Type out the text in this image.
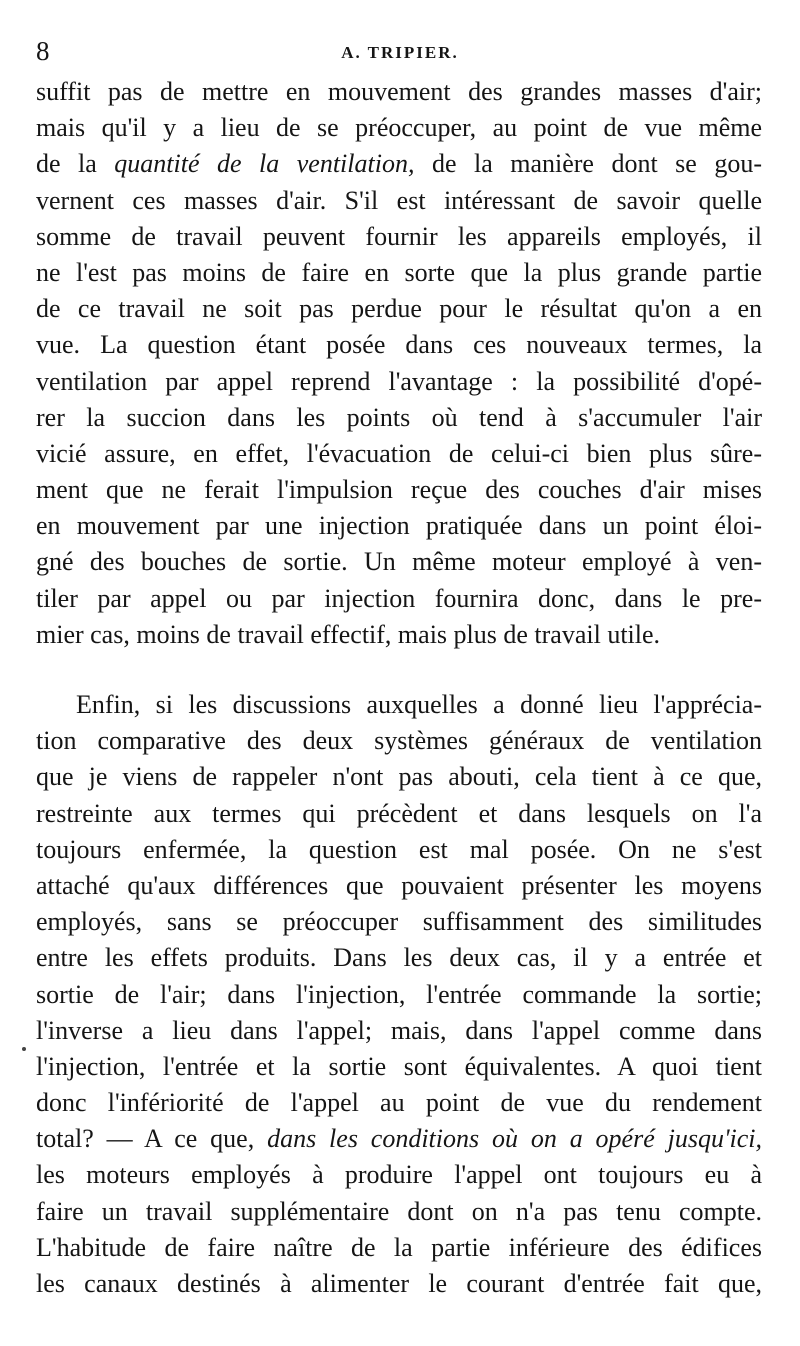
8	A. TRIPIER.
suffit pas de mettre en mouvement des grandes masses d'air;
mais qu'il y a lieu de se préoccuper, au point de vue même
de la quantité de la ventilation, de la manière dont se gou-
vernent ces masses d'air. S'il est intéressant de savoir quelle
somme de travail peuvent fournir les appareils employés, il
ne l'est pas moins de faire en sorte que la plus grande partie
de ce travail ne soit pas perdue pour le résultat qu'on a en
vue. La question étant posée dans ces nouveaux termes, la
ventilation par appel reprend l'avantage : la possibilité d'opé-
rer la succion dans les points où tend à s'accumuler l'air
vicié assure, en effet, l'évacuation de celui-ci bien plus sûre-
ment que ne ferait l'impulsion reçue des couches d'air mises
en mouvement par une injection pratiquée dans un point éloi-
gné des bouches de sortie. Un même moteur employé à ven-
tiler par appel ou par injection fournira donc, dans le pre-
mier cas, moins de travail effectif, mais plus de travail utile.
Enfin, si les discussions auxquelles a donné lieu l'apprécia-
tion comparative des deux systèmes généraux de ventilation
que je viens de rappeler n'ont pas abouti, cela tient à ce que,
restreinte aux termes qui précèdent et dans lesquels on l'a
toujours enfermée, la question est mal posée. On ne s'est
attaché qu'aux différences que pouvaient présenter les moyens
employés, sans se préoccuper suffisamment des similitudes
entre les effets produits. Dans les deux cas, il y a entrée et
sortie de l'air; dans l'injection, l'entrée commande la sortie;
l'inverse a lieu dans l'appel; mais, dans l'appel comme dans
l'injection, l'entrée et la sortie sont équivalentes. A quoi tient
donc l'infériorité de l'appel au point de vue du rendement
total? — A ce que, dans les conditions où on a opéré jusqu'ici,
les moteurs employés à produire l'appel ont toujours eu à
faire un travail supplémentaire dont on n'a pas tenu compte.
L'habitude de faire naître de la partie inférieure des édifices
les canaux destinés à alimenter le courant d'entrée fait que,
